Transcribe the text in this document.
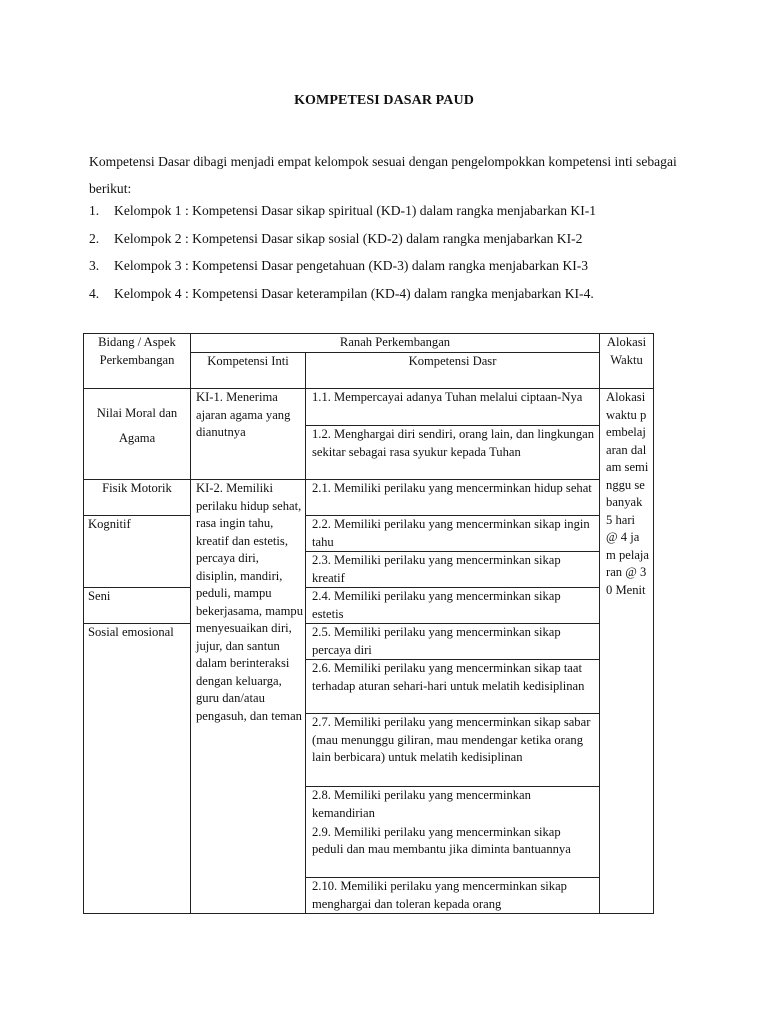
KOMPETESI DASAR PAUD
Kompetensi Dasar dibagi menjadi empat kelompok sesuai dengan pengelompokkan kompetensi inti sebagai berikut:
1. Kelompok 1 : Kompetensi Dasar sikap spiritual (KD-1) dalam rangka menjabarkan KI-1
2. Kelompok 2 : Kompetensi Dasar sikap sosial (KD-2) dalam rangka menjabarkan KI-2
3. Kelompok 3 : Kompetensi Dasar pengetahuan (KD-3) dalam rangka menjabarkan KI-3
4. Kelompok 4 : Kompetensi Dasar keterampilan (KD-4) dalam rangka menjabarkan KI-4.
Bidang / Aspek Perkembangan	Ranah Perkembangan		Alokasi Waktu
	Kompetensi Inti	Kompetensi Dasr	
Nilai Moral dan Agama	KI-1. Menerima ajaran agama yang dianutnya	1.1. Mempercayai adanya Tuhan melalui ciptaan-Nya	Alokasi waktu pembelajaran dalam seminggu sebanyak 5 hari @ 4 jam pelajaran @ 30 Menit
		1.2. Menghargai diri sendiri, orang lain, dan lingkungan sekitar sebagai rasa syukur kepada Tuhan	
Fisik Motorik	KI-2. Memiliki perilaku hidup sehat, rasa ingin tahu, kreatif dan estetis, percaya diri, disiplin, mandiri, peduli, mampu bekerjasama, mampu menyesuaikan diri, jujur, dan santun dalam berinteraksi dengan keluarga, guru dan/atau pengasuh, dan teman	2.1. Memiliki perilaku yang mencerminkan hidup sehat	
Kognitif		2.2. Memiliki perilaku yang mencerminkan sikap ingin tahu	
		2.3. Memiliki perilaku yang mencerminkan sikap kreatif	
Seni		2.4. Memiliki perilaku yang mencerminkan sikap estetis	
Sosial emosional		2.5. Memiliki perilaku yang mencerminkan sikap percaya diri	
		2.6. Memiliki perilaku yang mencerminkan sikap taat terhadap aturan sehari-hari untuk melatih kedisiplinan	
		2.7. Memiliki perilaku yang mencerminkan sikap sabar (mau menunggu giliran, mau mendengar ketika orang lain berbicara) untuk melatih kedisiplinan	
		2.8. Memiliki perilaku yang mencerminkan kemandirian	
		2.9. Memiliki perilaku yang mencerminkan sikap peduli dan mau membantu jika diminta bantuannya	
		2.10. Memiliki perilaku yang mencerminkan sikap menghargai dan toleran kepada orang	
